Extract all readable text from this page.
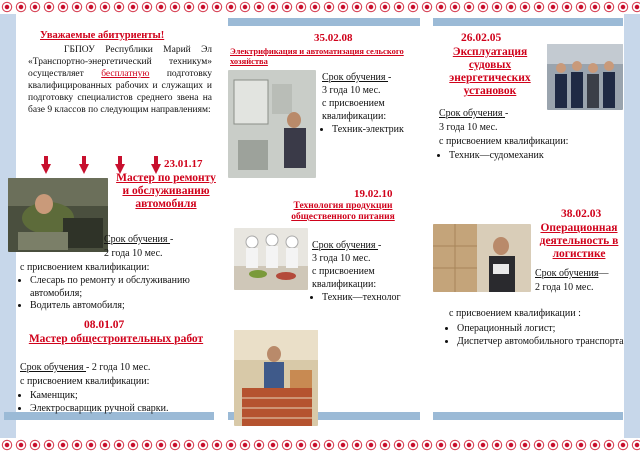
Уважаемые абитуриенты!
ГБПОУ Республики Марий Эл «Транспортно-энергетический техникум» осуществляет бесплатную подготовку квалифицированных рабочих и служащих и подготовку специалистов среднего звена на базе 9 классов по следующим направлениям:
23.01.17
Мастер по ремонту и обслуживанию автомобиля
Срок обучения -
2 года 10 мес.
с присвоением квалификации:
• Слесарь по ремонту и обслуживанию автомобиля;
• Водитель автомобиля;
08.01.07
Мастер общестроительных работ
Срок обучения - 2 года 10 мес.
с присвоением квалификации:
• Каменщик;
• Электросварщик ручной сварки.
35.02.08
Электрификация и автоматизация сельского хозяйства
Срок обучения -
3 года 10 мес.
с присвоением квалификации:
• Техник-электрик
19.02.10
Технология продукции общественного питания
Срок обучения -
3 года 10 мес.
с присвоением квалификации:
• Техник—технолог
26.02.05
Эксплуатация судовых энергетических установок
Срок обучения -
3 года 10 мес.
с присвоением квалификации:
• Техник—судомеханик
38.02.03
Операционная деятельность в логистике
Срок обучения—
2 года 10 мес.
с присвоением квалификации :
• Операционный логист;
• Диспетчер автомобильного транспорта
